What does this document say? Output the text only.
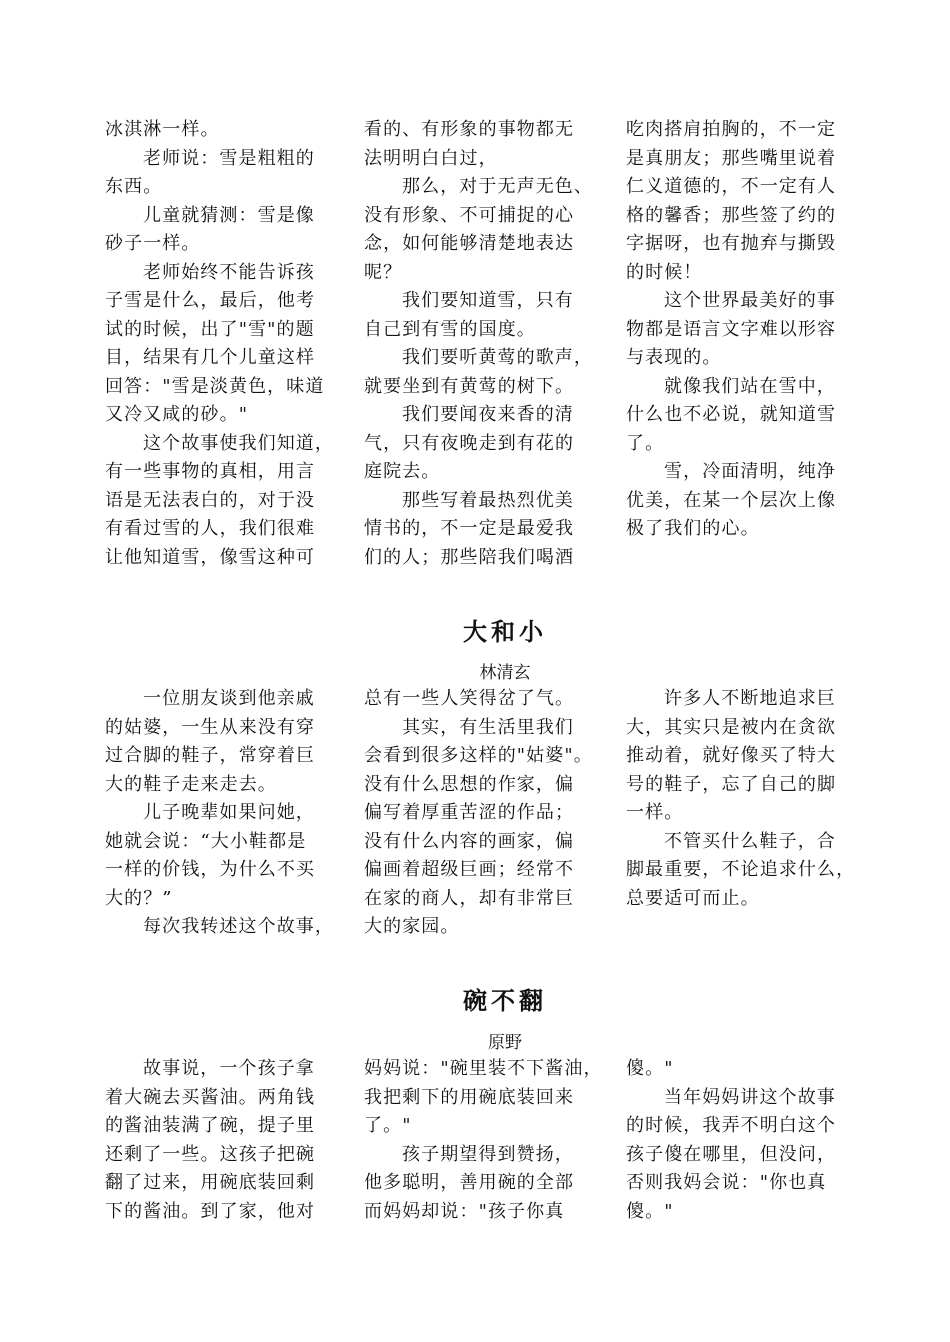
冰淇淋一样。
老师说：雪是粗粗的
东西。
儿童就猜测：雪是像
砂子一样。
老师始终不能告诉孩
子雪是什么，最后，他考
试的时候，出了"雪"的题
目，结果有几个儿童这样
回答："雪是淡黄色，味道
又冷又咸的砂。"
这个故事使我们知道，
有一些事物的真相，用言
语是无法表白的，对于没
有看过雪的人，我们很难
让他知道雪，像雪这种可
看的、有形象的事物都无
法明明白白过，
那么，对于无声无色、
没有形象、不可捕捉的心
念，如何能够清楚地表达
呢？
我们要知道雪，只有
自己到有雪的国度。
我们要听黄莺的歌声，
就要坐到有黄莺的树下。
我们要闻夜来香的清
气，只有夜晚走到有花的
庭院去。
那些写着最热烈优美
情书的，不一定是最爱我
们的人；那些陪我们喝酒
吃肉搭肩拍胸的，不一定
是真朋友；那些嘴里说着
仁义道德的，不一定有人
格的馨香；那些签了约的
字据呀，也有抛弃与撕毁
的时候！
这个世界最美好的事
物都是语言文字难以形容
与表现的。
就像我们站在雪中，
什么也不必说，就知道雪
了。
雪，冷面清明，纯净
优美，在某一个层次上像
极了我们的心。
大和小
林清玄
一位朋友谈到他亲戚
的姑婆，一生从来没有穿
过合脚的鞋子，常穿着巨
大的鞋子走来走去。
儿子晚辈如果问她，
她就会说：“大小鞋都是
一样的价钱，为什么不买
大的？”
每次我转述这个故事，
总有一些人笑得岔了气。
其实，有生活里我们
会看到很多这样的"姑婆"。
没有什么思想的作家，偏
偏写着厚重苦涩的作品；
没有什么内容的画家，偏
偏画着超级巨画；经常不
在家的商人，却有非常巨
大的家园。
许多人不断地追求巨
大，其实只是被内在贪欲
推动着，就好像买了特大
号的鞋子，忘了自己的脚
一样。
不管买什么鞋子，合
脚最重要，不论追求什么，
总要适可而止。
碗不翻
原野
故事说，一个孩子拿
着大碗去买酱油。两角钱
的酱油装满了碗，提子里
还剩了一些。这孩子把碗
翻了过来，用碗底装回剩
下的酱油。到了家，他对
妈妈说："碗里装不下酱油，
我把剩下的用碗底装回来
了。"
孩子期望得到赞扬，
他多聪明，善用碗的全部
而妈妈却说："孩子你真
傻。"
当年妈妈讲这个故事
的时候，我弄不明白这个
孩子傻在哪里，但没问，
否则我妈会说："你也真
傻。"
